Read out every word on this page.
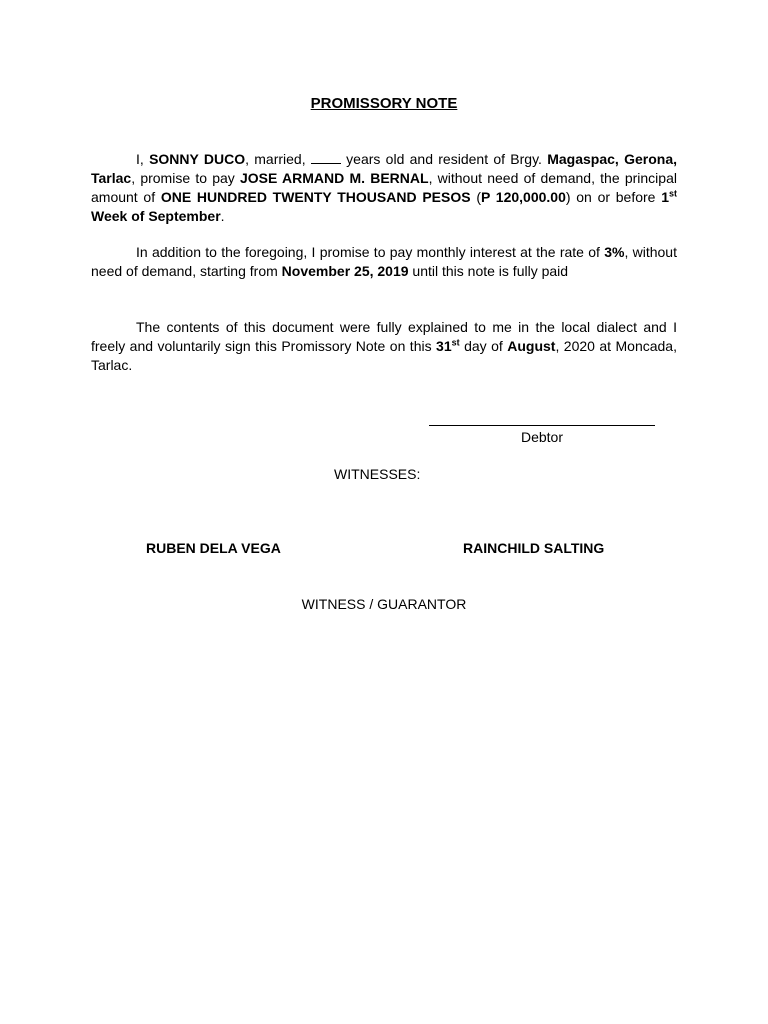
PROMISSORY NOTE
I, SONNY DUCO, married,  years old and resident of Brgy. Magaspac, Gerona, Tarlac, promise to pay JOSE ARMAND M. BERNAL, without need of demand, the principal amount of ONE HUNDRED TWENTY THOUSAND PESOS (P 120,000.00) on or before 1st Week of September.
In addition to the foregoing, I promise to pay monthly interest at the rate of 3%, without need of demand, starting from November 25, 2019 until this note is fully paid
The contents of this document were fully explained to me in the local dialect and I freely and voluntarily sign this Promissory Note on this 31st day of August, 2020 at Moncada, Tarlac.
Debtor
WITNESSES:
RUBEN DELA VEGA	RAINCHILD SALTING
WITNESS / GUARANTOR
